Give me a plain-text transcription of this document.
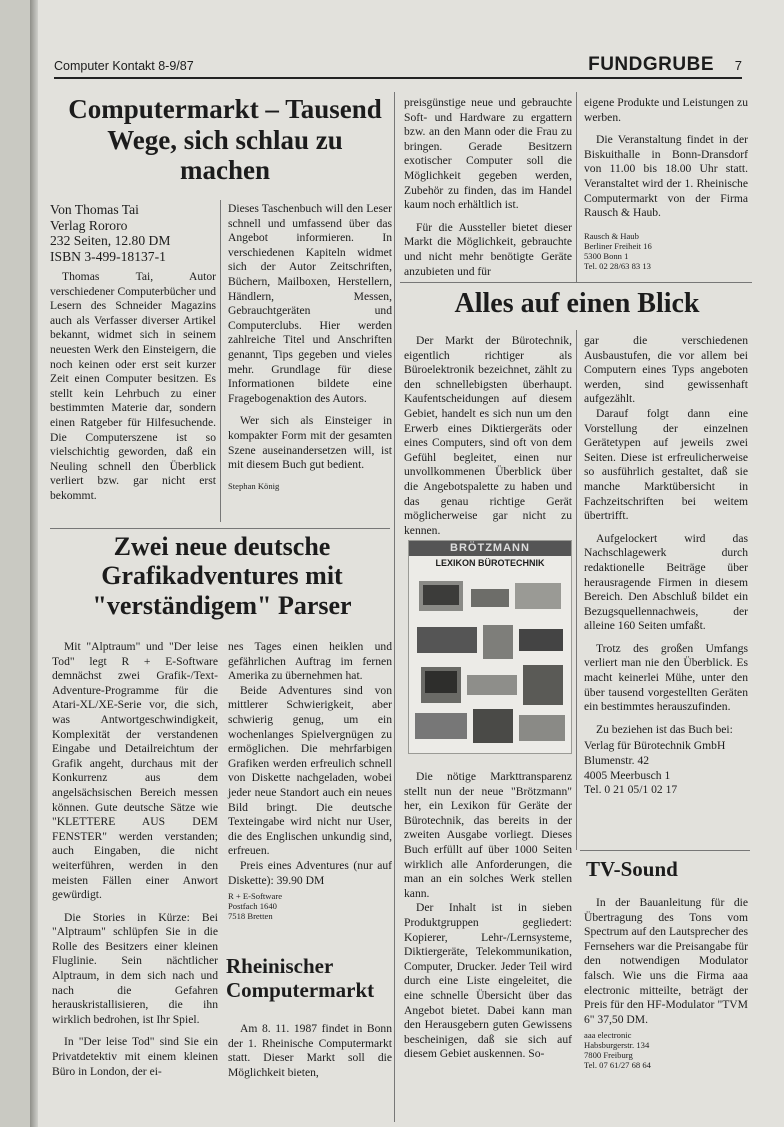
Computer Kontakt 8-9/87	FUNDGRUBE 7
Computermarkt – Tausend Wege, sich schlau zu machen
Von Thomas Tai
Verlag Rororo
232 Seiten, 12.80 DM
ISBN 3-499-18137-1

Thomas Tai, Autor verschiedener Computerbücher und Lesern des Schneider Magazins auch als Verfasser diverser Artikel bekannt, widmet sich in seinem neuesten Werk den Einsteigern, die noch keinen oder erst seit kurzer Zeit einen Computer besitzen. Es stellt kein Lehrbuch zu einer bestimmten Materie dar, sondern einen Ratgeber für Hilfesuchende. Die Computerszene ist so vielschichtig geworden, daß ein Neuling schnell den Überblick verliert bzw. gar nicht erst bekommt.

Dieses Taschenbuch will den Leser schnell und umfassend über das Angebot informieren. In verschiedenen Kapiteln widmet sich der Autor Zeitschriften, Büchern, Mailboxen, Herstellern, Händlern, Messen, Gebrauchtgeräten und Computerclubs. Hier werden zahlreiche Titel und Anschriften genannt, Tips gegeben und vieles mehr. Grundlage für diese Informationen bildete eine Fragebogenaktion des Autors.

Wer sich als Einsteiger in kompakter Form mit der gesamten Szene auseinandersetzen will, ist mit diesem Buch gut bedient.

Stephan König
Zwei neue deutsche Grafikadventures mit "verständigem" Parser

Mit "Alptraum" und "Der leise Tod" legt R + E-Software demnächst zwei Grafik-/Text-Adventure-Programme für die Atari-XL/XE-Serie vor, die sich, was Antwortgeschwindigkeit, Komplexität der verstandenen Eingabe und Detailreichtum der Grafik angeht, durchaus mit der Konkurrenz aus dem angelsächsischen Bereich messen können. Gute deutsche Sätze wie "KLETTERE AUS DEM FENSTER" werden verstanden; auch Eingaben, die nicht weiterführen, werden in den meisten Fällen einer Anwort gewürdigt.

Die Stories in Kürze: Bei "Alptraum" schlüpfen Sie in die Rolle des Besitzers einer kleinen Fluglinie. Sein nächtlicher Alptraum, in dem sich nach und nach die Gefahren herauskristallisieren, die ihn wirklich bedrohen, ist Ihr Spiel.

In "Der leise Tod" sind Sie ein Privatdetektiv mit einem kleinen Büro in London, der ei-

nes Tages einen heiklen und gefährlichen Auftrag im fernen Amerika zu übernehmen hat.

Beide Adventures sind von mittlerer Schwierigkeit, aber schwierig genug, um ein wochenlanges Spielvergnügen zu ermöglichen. Die mehrfarbigen Grafiken werden erfreulich schnell von Diskette nachgeladen, wobei jeder neue Standort auch ein neues Bild bringt. Die deutsche Texteingabe wird nicht nur User, die des Englischen unkundig sind, erfreuen.

Preis eines Adventures (nur auf Diskette): 39.90 DM

R + E-Software
Postfach 1640
7518 Bretten
Rheinischer Computermarkt

Am 8. 11. 1987 findet in Bonn der 1. Rheinische Computermarkt statt. Dieser Markt soll die Möglichkeit bieten,

preisgünstige neue und gebrauchte Soft- und Hardware zu ergattern bzw. an den Mann oder die Frau zu bringen. Gerade Besitzern exotischer Computer soll die Möglichkeit gegeben werden, Zubehör zu finden, das im Handel kaum noch erhältlich ist.

Für die Aussteller bietet dieser Markt die Möglichkeit, gebrauchte und nicht mehr benötigte Geräte anzubieten und für

eigene Produkte und Leistungen zu werben.

Die Veranstaltung findet in der Biskuithalle in Bonn-Dransdorf von 11.00 bis 18.00 Uhr statt. Veranstaltet wird der 1. Rheinische Computermarkt von der Firma Rausch & Haub.

Rausch & Haub
Berliner Freiheit 16
5300 Bonn 1
Tel. 02 28/63 83 13
Alles auf einen Blick

Der Markt der Bürotechnik, eigentlich richtiger als Büroelektronik bezeichnet, zählt zu den schnellebigsten überhaupt. Kaufentscheidungen auf diesem Gebiet, handelt es sich nun um den Erwerb eines Diktiergeräts oder eines Computers, sind oft von dem Gefühl begleitet, einen nur unvollkommenen Überblick über die Angebotspalette zu haben und das genau richtige Gerät möglicherweise gar nicht zu kennen.

BRÖTZMANN
LEXIKON BÜROTECHNIK

Die nötige Markttransparenz stellt nun der neue "Brötzmann" her, ein Lexikon für Geräte der Bürotechnik, das bereits in der zweiten Ausgabe vorliegt. Dieses Buch erfüllt auf über 1000 Seiten wirklich alle Anforderungen, die man an ein solches Werk stellen kann.

Der Inhalt ist in sieben Produktgruppen gegliedert: Kopierer, Lehr-/Lernsysteme, Diktiergeräte, Telekommunikation, Computer, Drucker. Jeder Teil wird durch eine Liste eingeleitet, die eine schnelle Übersicht über das Angebot bietet. Dabei kann man den Herausgebern guten Gewissens bescheinigen, daß sie sich auf diesem Gebiet auskennen. So-

gar die verschiedenen Ausbaustufen, die vor allem bei Computern eines Typs angeboten werden, sind gewissenhaft aufgezählt.

Darauf folgt dann eine Vorstellung der einzelnen Gerätetypen auf jeweils zwei Seiten. Diese ist erfreulicherweise so ausführlich gestaltet, daß sie manche Marktübersicht in Fachzeitschriften bei weitem übertrifft.

Aufgelockert wird das Nachschlagewerk durch redaktionelle Beiträge über herausragende Firmen in diesem Bereich. Den Abschluß bildet ein Bezugsquellennachweis, der alleine 160 Seiten umfaßt.

Trotz des großen Umfangs verliert man nie den Überblick. Es macht keinerlei Mühe, unter den über tausend vorgestellten Geräten ein bestimmtes herauszufinden.

Zu beziehen ist das Buch bei:

Verlag für Bürotechnik GmbH
Blumenstr. 42
4005 Meerbusch 1
Tel. 0 21 05/1 02 17
TV-Sound

In der Bauanleitung für die Übertragung des Tons vom Spectrum auf den Lautsprecher des Fernsehers war die Preisangabe für den notwendigen Modulator falsch. Wie uns die Firma aaa electronic mitteilte, beträgt der Preis für den HF-Modulator "TVM 6" 37,50 DM.

aaa electronic
Habsburgerstr. 134
7800 Freiburg
Tel. 07 61/27 68 64
